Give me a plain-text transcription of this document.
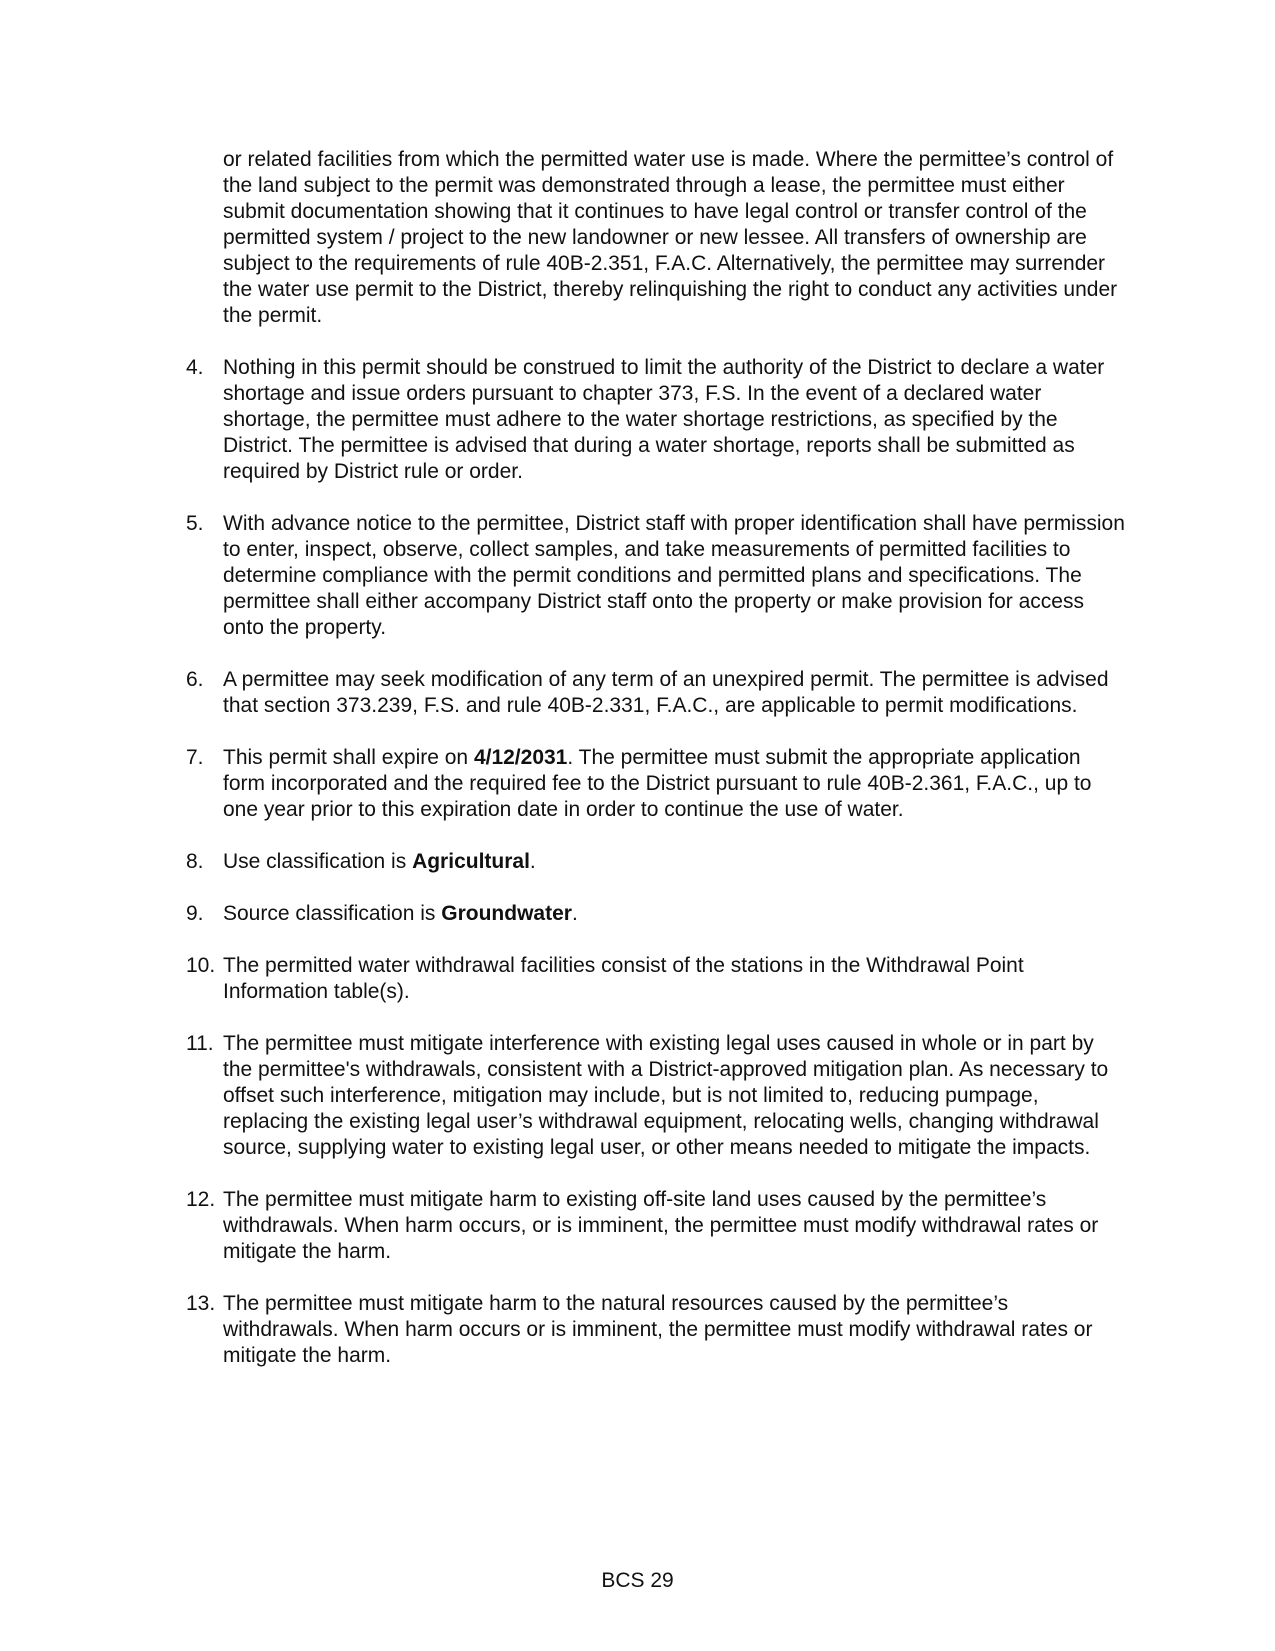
or related facilities from which the permitted water use is made. Where the permittee’s control of the land subject to the permit was demonstrated through a lease, the permittee must either submit documentation showing that it continues to have legal control or transfer control of the permitted system / project to the new landowner or new lessee. All transfers of ownership are subject to the requirements of rule 40B-2.351, F.A.C. Alternatively, the permittee may surrender the water use permit to the District, thereby relinquishing the right to conduct any activities under the permit.

4. Nothing in this permit should be construed to limit the authority of the District to declare a water shortage and issue orders pursuant to chapter 373, F.S. In the event of a declared water shortage, the permittee must adhere to the water shortage restrictions, as specified by the District. The permittee is advised that during a water shortage, reports shall be submitted as required by District rule or order.

5. With advance notice to the permittee, District staff with proper identification shall have permission to enter, inspect, observe, collect samples, and take measurements of permitted facilities to determine compliance with the permit conditions and permitted plans and specifications. The permittee shall either accompany District staff onto the property or make provision for access onto the property.

6. A permittee may seek modification of any term of an unexpired permit. The permittee is advised that section 373.239, F.S. and rule 40B-2.331, F.A.C., are applicable to permit modifications.

7. This permit shall expire on 4/12/2031. The permittee must submit the appropriate application form incorporated and the required fee to the District pursuant to rule 40B-2.361, F.A.C., up to one year prior to this expiration date in order to continue the use of water.

8. Use classification is Agricultural.

9. Source classification is Groundwater.

10. The permitted water withdrawal facilities consist of the stations in the Withdrawal Point Information table(s).

11. The permittee must mitigate interference with existing legal uses caused in whole or in part by the permittee's withdrawals, consistent with a District-approved mitigation plan. As necessary to offset such interference, mitigation may include, but is not limited to, reducing pumpage, replacing the existing legal user’s withdrawal equipment, relocating wells, changing withdrawal source, supplying water to existing legal user, or other means needed to mitigate the impacts.

12. The permittee must mitigate harm to existing off-site land uses caused by the permittee’s withdrawals. When harm occurs, or is imminent, the permittee must modify withdrawal rates or mitigate the harm.

13. The permittee must mitigate harm to the natural resources caused by the permittee’s withdrawals. When harm occurs or is imminent, the permittee must modify withdrawal rates or mitigate the harm.

BCS 29
